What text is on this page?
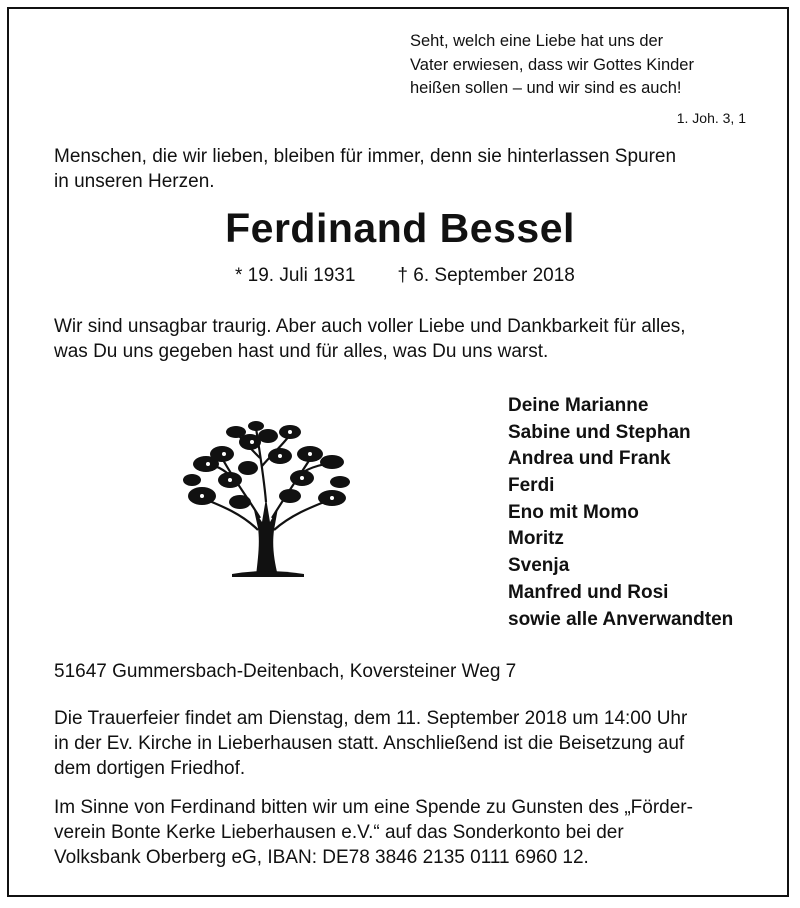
Seht, welch eine Liebe hat uns der
Vater erwiesen, dass wir Gottes Kinder
heißen sollen – und wir sind es auch!
1. Joh. 3, 1
Menschen, die wir lieben, bleiben für immer, denn sie hinterlassen Spuren
in unseren Herzen.
Ferdinand Bessel
* 19. Juli 1931 † 6. September 2018
Wir sind unsagbar traurig. Aber auch voller Liebe und Dankbarkeit für alles,
was Du uns gegeben hast und für alles, was Du uns warst.
Deine Marianne
Sabine und Stephan
Andrea und Frank
Ferdi
Eno mit Momo
Moritz
Svenja
Manfred und Rosi
sowie alle Anverwandten
51647 Gummersbach-Deitenbach, Koversteiner Weg 7
Die Trauerfeier findet am Dienstag, dem 11. September 2018 um 14:00 Uhr
in der Ev. Kirche in Lieberhausen statt. Anschließend ist die Beisetzung auf
dem dortigen Friedhof.
Im Sinne von Ferdinand bitten wir um eine Spende zu Gunsten des „Förder-
verein Bonte Kerke Lieberhausen e.V.“ auf das Sonderkonto bei der
Volksbank Oberberg eG, IBAN: DE78 3846 2135 0111 6960 12.
